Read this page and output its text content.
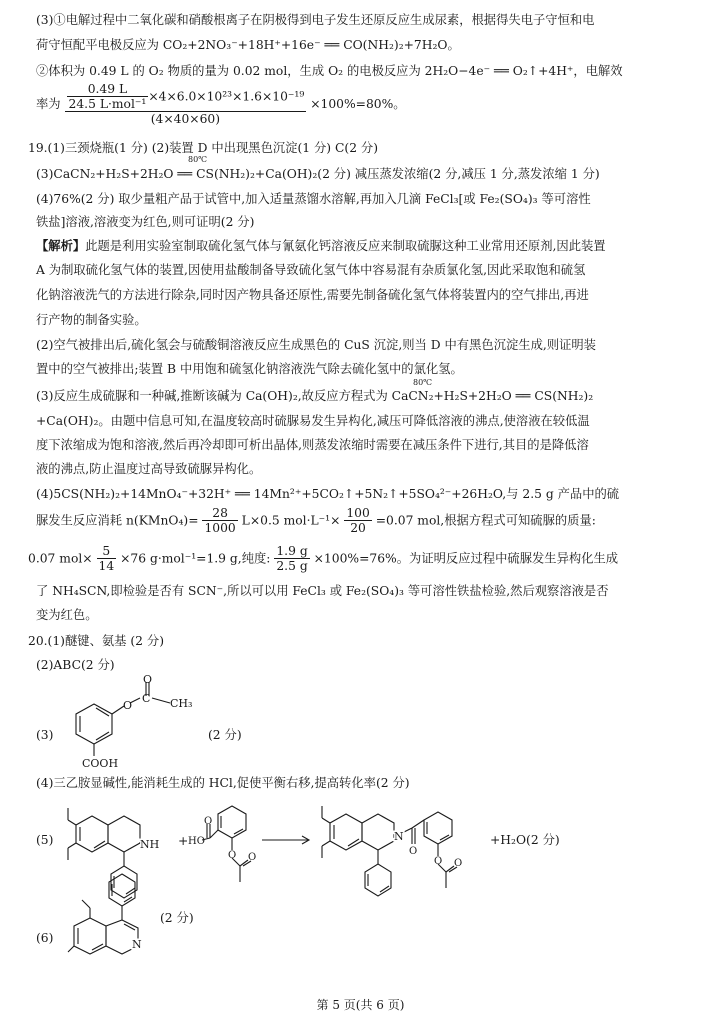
(3)①电解过程中二氧化碳和硝酸根离子在阴极得到电子发生还原反应生成尿素，根据得失电子守恒和电
荷守恒配平电极反应为 CO₂+2NO₃⁻+18H⁺+16e⁻ ══ CO(NH₂)₂+7H₂O。
②体积为 0.49 L 的 O₂ 物质的量为 0.02 mol，生成 O₂ 的电极反应为 2H₂O−4e⁻ ══ O₂↑+4H⁺，电解效
率为 $\frac{\frac{0.49 L}{\text{24.5 L·mol⁻¹}} \times 4\times 6.0\times 10^{23}\times 1.6\times 10^{-19}}{(4\times 40\times 60)} \times 100\%=80\%$。
19.(1)三颈烧瓶(1 分) (2)装置 D 中出现黑色沉淀(1 分) C(2 分)
80℃
(3)CaCN₂+H₂S+2H₂O ══ CS(NH₂)₂+Ca(OH)₂(2 分) 减压蒸发浓缩(2 分,减压 1 分,蒸发浓缩 1 分)
(4)76%(2 分) 取少量粗产品于试管中,加入适量蒸馏水溶解,再加入几滴 FeCl₃[或 Fe₂(SO₄)₃ 等可溶性
铁盐]溶液,溶液变为红色,则可证明(2 分)
【解析】此题是利用实验室制取硫化氢气体与氰氨化钙溶液反应来制取硫脲这种工业常用还原剂,因此装置
A 为制取硫化氢气体的装置,因使用盐酸制备导致硫化氢气体中容易混有杂质氯化氢,因此采取饱和硫氢
化钠溶液洗气的方法进行除杂,同时因产物具备还原性,需要先制备硫化氢气体将装置内的空气排出,再进
行产物的制备实验。
(2)空气被排出后,硫化氢会与硫酸铜溶液反应生成黑色的 CuS 沉淀,则当 D 中有黑色沉淀生成,则证明装
置中的空气被排出;装置 B 中用饱和硫氢化钠溶液洗气除去硫化氢中的氯化氢。
80℃
(3)反应生成硫脲和一种碱,推断该碱为 Ca(OH)₂,故反应方程式为 CaCN₂+H₂S+2H₂O ══ CS(NH₂)₂
+Ca(OH)₂。由题中信息可知,在温度较高时硫脲易发生异构化,减压可降低溶液的沸点,使溶液在较低温
度下浓缩成为饱和溶液,然后再冷却即可析出晶体,则蒸发浓缩时需要在减压条件下进行,其目的是降低溶
液的沸点,防止温度过高导致硫脲异构化。
(4)5CS(NH₂)₂+14MnO₄⁻+32H⁺ ══ 14Mn²⁺+5CO₂↑+5N₂↑+5SO₄²⁻+26H₂O,与 2.5 g 产品中的硫
脲发生反应消耗 n(KMnO₄)= $\frac{28}{1000} L\times 0.5$ $mol\cdot L^{-1}\times \frac{100}{20} =0.07$ mol,根据方程式可知硫脲的质量:
0.07 $mol\times \frac{5}{14} \times 76$ g·mol⁻¹=1.9 g,纯度: $\frac{1.9 g}{2.5 g} \times 100\%=76\%$。为证明反应过程中硫脲发生异构化生成
了 NH₄SCN,即检验是否有 SCN⁻,所以可以用 FeCl₃ 或 Fe₂(SO₄)₃ 等可溶性铁盐检验,然后观察溶液是否
变为红色。
20.(1)醚键、氨基 (2 分)
(2)ABC(2 分)
(3)
O
C
O
CH₃
COOH
(2 分)
(4)三乙胺显碱性,能消耗生成的 HCl,促使平衡右移,提高转化率(2 分)
(5)	NH + HO
O
O O
N
O
O O
+H₂O(2 分)
(6)	N
(2 分)
第 5 页(共 6 页)
